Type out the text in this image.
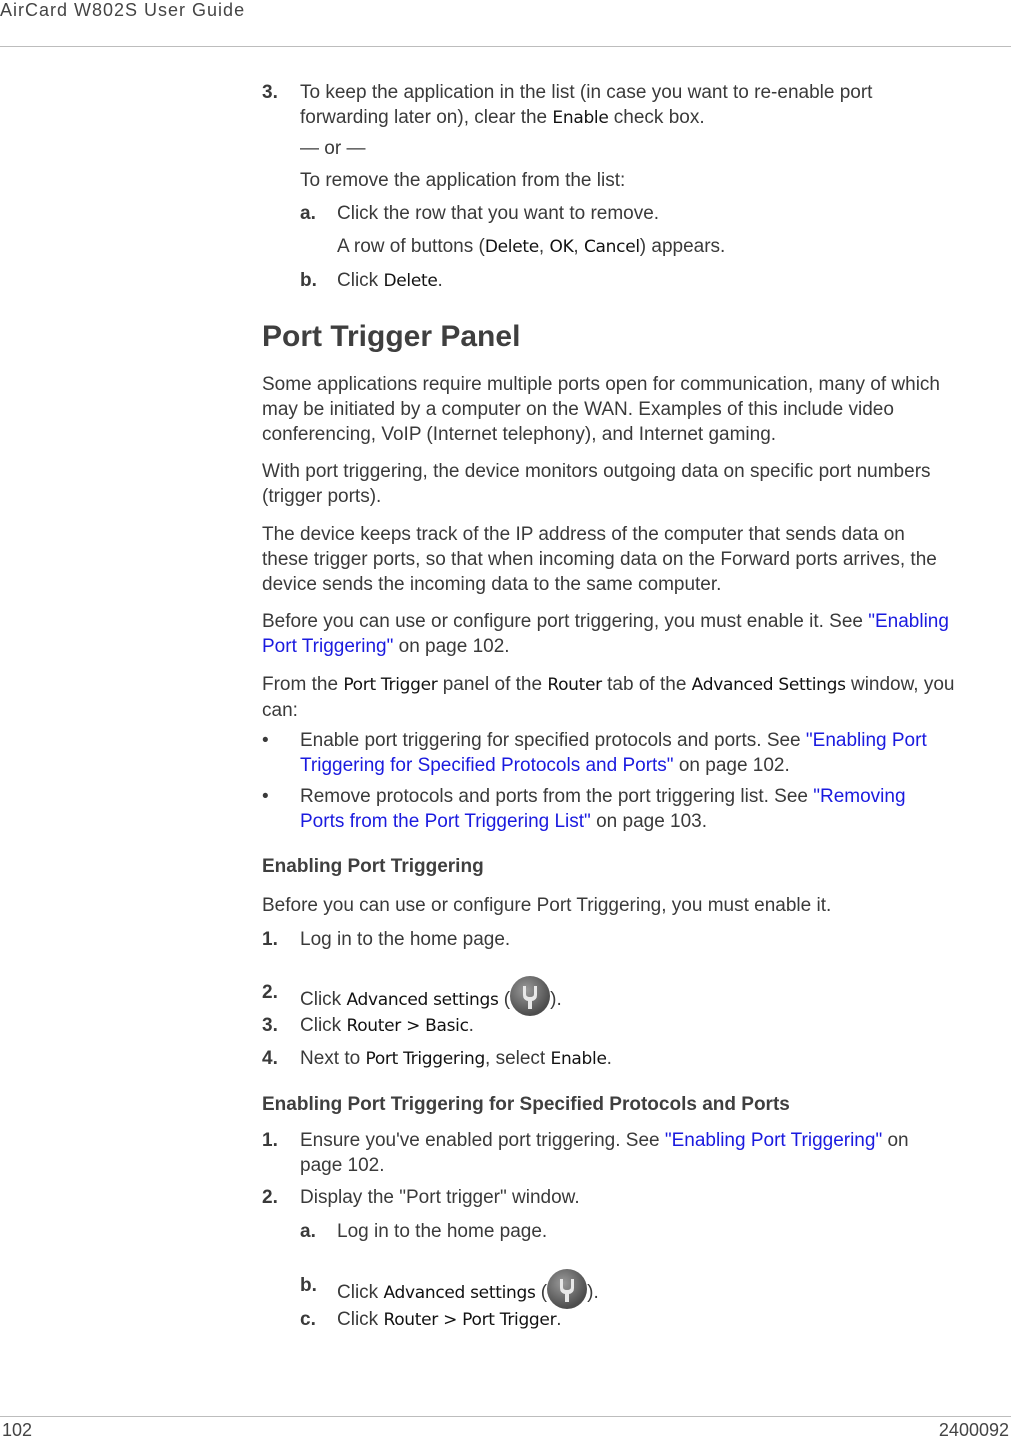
AirCard W802S User Guide
3. To keep the application in the list (in case you want to re-enable port

forwarding later on), clear the Enable check box.

— or —
To remove the application from the list:
a. Click the row that you want to remove.
A row of buttons (Delete, OK, Cancel) appears.
b. Click Delete.
Port Trigger Panel

Some applications require multiple ports open for communication, many of which

may be initiated by a computer on the WAN. Examples of this include video

conferencing, VoIP (Internet telephony), and Internet gaming.

With port triggering, the device monitors outgoing data on specific port numbers

(trigger ports).

The device keeps track of the IP address of the computer that sends data on

these trigger ports, so that when incoming data on the Forward ports arrives, the

device sends the incoming data to the same computer.

Before you can use or configure port triggering, you must enable it. See "Enabling

Port Triggering" on page 102.

From the Port Trigger panel of the Router tab of the Advanced Settings window, you

can:

• Enable port triggering for specified protocols and ports. See "Enabling Port

Triggering for Specified Protocols and Ports" on page 102.

• Remove protocols and ports from the port triggering list. See "Removing

Ports from the Port Triggering List" on page 103.

Enabling Port Triggering
Before you can use or configure Port Triggering, you must enable it.
1. Log in to the home page.
2. Click Advanced settings ( ).
3. Click Router > Basic.
4. Next to Port Triggering, select Enable.
Enabling Port Triggering for Specified Protocols and Ports
1. Ensure you've enabled port triggering. See "Enabling Port Triggering" on

page 102.

2. Display the "Port trigger" window.
a. Log in to the home page.
b. Click Advanced settings ( ).
c. Click Router > Port Trigger.
102	2400092
